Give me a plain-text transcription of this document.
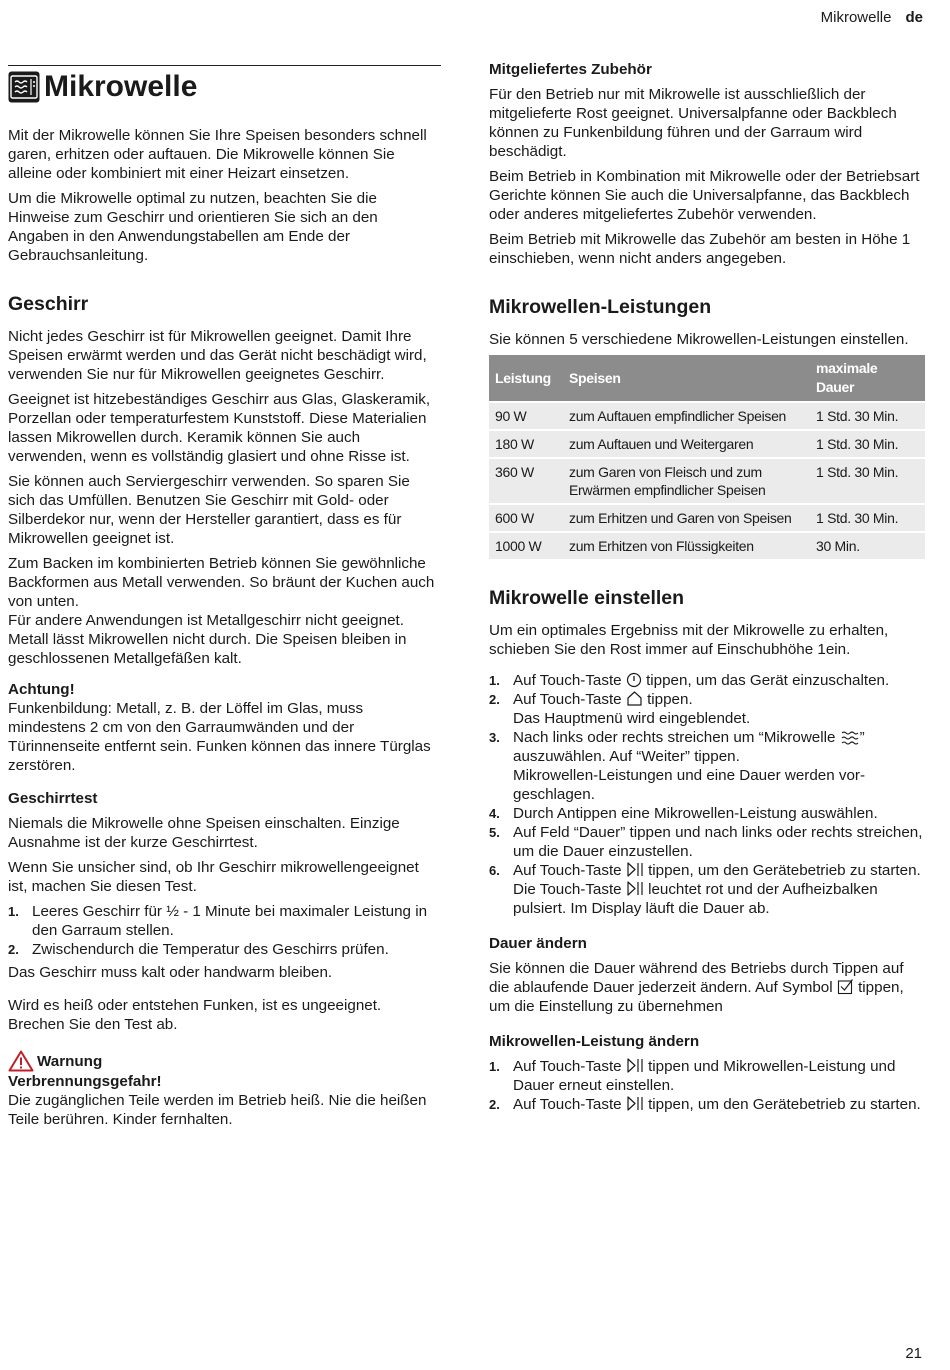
Mikrowelle de
Mikrowelle

Mit der Mikrowelle können Sie Ihre Speisen besonders schnell garen, erhitzen oder auftauen. Die Mikrowelle können Sie alleine oder kombiniert mit einer Heizart einsetzen.

Um die Mikrowelle optimal zu nutzen, beachten Sie die Hinweise zum Geschirr und orientieren Sie sich an den Angaben in den Anwendungstabellen am Ende der Gebrauchsanleitung.

Geschirr

Nicht jedes Geschirr ist für Mikrowellen geeignet. Damit Ihre Speisen erwärmt werden und das Gerät nicht beschädigt wird, verwenden Sie nur für Mikrowellen geeignetes Geschirr.

Geeignet ist hitzebeständiges Geschirr aus Glas, Glaskeramik, Porzellan oder temperaturfestem Kunststoff. Diese Materialien lassen Mikrowellen durch. Keramik können Sie auch verwenden, wenn es vollständig glasiert und ohne Risse ist.

Sie können auch Serviergeschirr verwenden. So sparen Sie sich das Umfüllen. Benutzen Sie Geschirr mit Gold- oder Silberdekor nur, wenn der Hersteller garantiert, dass es für Mikrowellen geeignet ist.

Zum Backen im kombinierten Betrieb können Sie gewöhnliche Backformen aus Metall verwenden. So bräunt der Kuchen auch von unten.

Für andere Anwendungen ist Metallgeschirr nicht geeignet. Metall lässt Mikrowellen nicht durch. Die Speisen bleiben in geschlossenen Metallgefäßen kalt.

Achtung!

Funkenbildung: Metall, z. B. der Löffel im Glas, muss mindestens 2 cm von den Garraumwänden und der Türinnenseite entfernt sein. Funken können das innere Türglas zerstören.

Geschirrtest

Niemals die Mikrowelle ohne Speisen einschalten. Einzige Ausnahme ist der kurze Geschirrtest.

Wenn Sie unsicher sind, ob Ihr Geschirr mikrowellengeeignet ist, machen Sie diesen Test.

1. Leeres Geschirr für ½ - 1 Minute bei maximaler Leistung in den Garraum stellen.
2. Zwischendurch die Temperatur des Geschirrs prüfen.

Das Geschirr muss kalt oder handwarm bleiben.

Wird es heiß oder entstehen Funken, ist es ungeeignet. Brechen Sie den Test ab.

Warnung
Verbrennungsgefahr!

Die zugänglichen Teile werden im Betrieb heiß. Nie die heißen Teile berühren. Kinder fernhalten.

Mitgeliefertes Zubehör

Für den Betrieb nur mit Mikrowelle ist ausschließlich der mitgelieferte Rost geeignet. Universalpfanne oder Backblech können zu Funkenbildung führen und der Garraum wird beschädigt.

Beim Betrieb in Kombination mit Mikrowelle oder der Betriebsart Gerichte können Sie auch die Universalpfanne, das Backblech oder anderes mitgeliefertes Zubehör verwenden.

Beim Betrieb mit Mikrowelle das Zubehör am besten in Höhe 1 einschieben, wenn nicht anders angegeben.

Mikrowellen-Leistungen

Sie können 5 verschiedene Mikrowellen-Leistungen einstellen.

Leistung	Speisen	maximale Dauer
90 W	zum Auftauen empfindlicher Speisen	1 Std. 30 Min.
180 W	zum Auftauen und Weitergaren	1 Std. 30 Min.
360 W	zum Garen von Fleisch und zum Erwärmen empfindlicher Speisen	1 Std. 30 Min.
600 W	zum Erhitzen und Garen von Speisen	1 Std. 30 Min.
1000 W	zum Erhitzen von Flüssigkeiten	30 Min.
Mikrowelle einstellen

Um ein optimales Ergebniss mit der Mikrowelle zu erhalten, schieben Sie den Rost immer auf Einschubhöhe 1ein.

1. Auf Touch-Taste  tippen, um das Gerät einzuschalten.
2. Auf Touch-Taste  tippen.
Das Hauptmenü wird eingeblendet.
3. Nach links oder rechts streichen um “Mikrowelle ” auszuwählen. Auf “Weiter” tippen.
Mikrowellen-Leistungen und eine Dauer werden vorgeschlagen.
4. Durch Antippen eine Mikrowellen-Leistung auswählen.
5. Auf Feld “Dauer” tippen und nach links oder rechts streichen, um die Dauer einzustellen.
6. Auf Touch-Taste  tippen, um den Gerätebetrieb zu starten.
Die Touch-Taste  leuchtet rot und der Aufheizbalken pulsiert. Im Display läuft die Dauer ab.
Dauer ändern

Sie können die Dauer während des Betriebs durch Tippen auf die ablaufende Dauer jederzeit ändern. Auf Symbol  tippen, um die Einstellung zu übernehmen

Mikrowellen-Leistung ändern
1. Auf Touch-Taste  tippen und Mikrowellen-Leistung und Dauer erneut einstellen.
2. Auf Touch-Taste  tippen, um den Gerätebetrieb zu starten.
21
